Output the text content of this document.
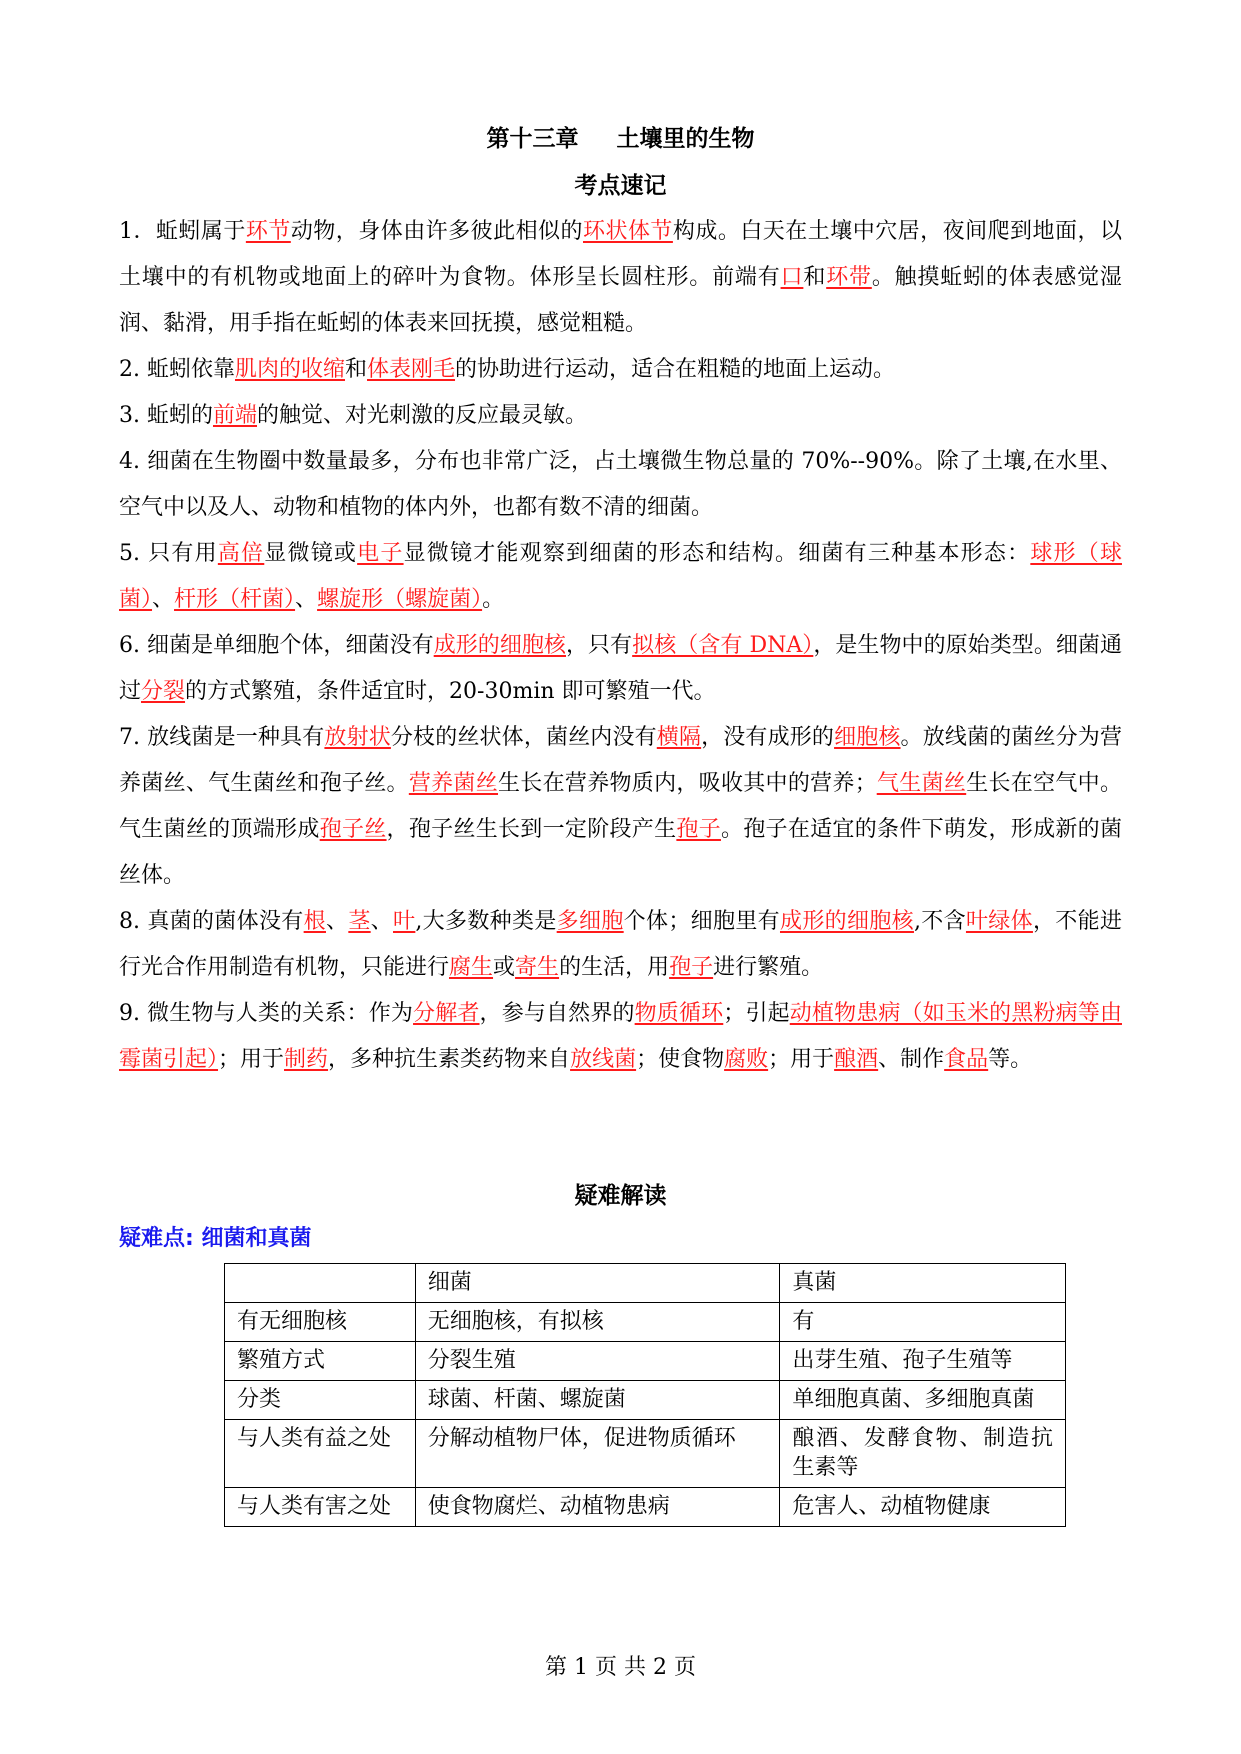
第十三章 土壤里的生物
考点速记

1．蚯蚓属于环节动物，身体由许多彼此相似的环状体节构成。白天在土壤中穴居，夜间爬到地面，以土壤中的有机物或地面上的碎叶为食物。体形呈长圆柱形。前端有口和环带。触摸蚯蚓的体表感觉湿润、黏滑，用手指在蚯蚓的体表来回抚摸，感觉粗糙。

2. 蚯蚓依靠肌肉的收缩和体表刚毛的协助进行运动，适合在粗糙的地面上运动。

3. 蚯蚓的前端的触觉、对光刺激的反应最灵敏。

4. 细菌在生物圈中数量最多，分布也非常广泛，占土壤微生物总量的 70%--90%。除了土壤,在水里、空气中以及人、动物和植物的体内外，也都有数不清的细菌。

5. 只有用高倍显微镜或电子显微镜才能观察到细菌的形态和结构。细菌有三种基本形态：球形（球菌）、杆形（杆菌）、螺旋形（螺旋菌）。

6. 细菌是单细胞个体，细菌没有成形的细胞核，只有拟核（含有 DNA），是生物中的原始类型。细菌通过分裂的方式繁殖，条件适宜时，20-30min 即可繁殖一代。

7. 放线菌是一种具有放射状分枝的丝状体，菌丝内没有横隔，没有成形的细胞核。放线菌的菌丝分为营养菌丝、气生菌丝和孢子丝。营养菌丝生长在营养物质内，吸收其中的营养；气生菌丝生长在空气中。气生菌丝的顶端形成孢子丝，孢子丝生长到一定阶段产生孢子。孢子在适宜的条件下萌发，形成新的菌丝体。

8. 真菌的菌体没有根、茎、叶,大多数种类是多细胞个体；细胞里有成形的细胞核,不含叶绿体，不能进行光合作用制造有机物，只能进行腐生或寄生的生活，用孢子进行繁殖。

9. 微生物与人类的关系：作为分解者，参与自然界的物质循环；引起动植物患病（如玉米的黑粉病等由霉菌引起）；用于制药，多种抗生素类药物来自放线菌；使食物腐败；用于酿酒、制作食品等。

疑难解读
疑难点: 细菌和真菌
	细菌	真菌
有无细胞核	无细胞核，有拟核	有
繁殖方式	分裂生殖	出芽生殖、孢子生殖等
分类	球菌、杆菌、螺旋菌	单细胞真菌、多细胞真菌
与人类有益之处	分解动植物尸体，促进物质循环	酿酒、发酵食物、制造抗生素等
与人类有害之处	使食物腐烂、动植物患病	危害人、动植物健康
第 1 页 共 2 页
